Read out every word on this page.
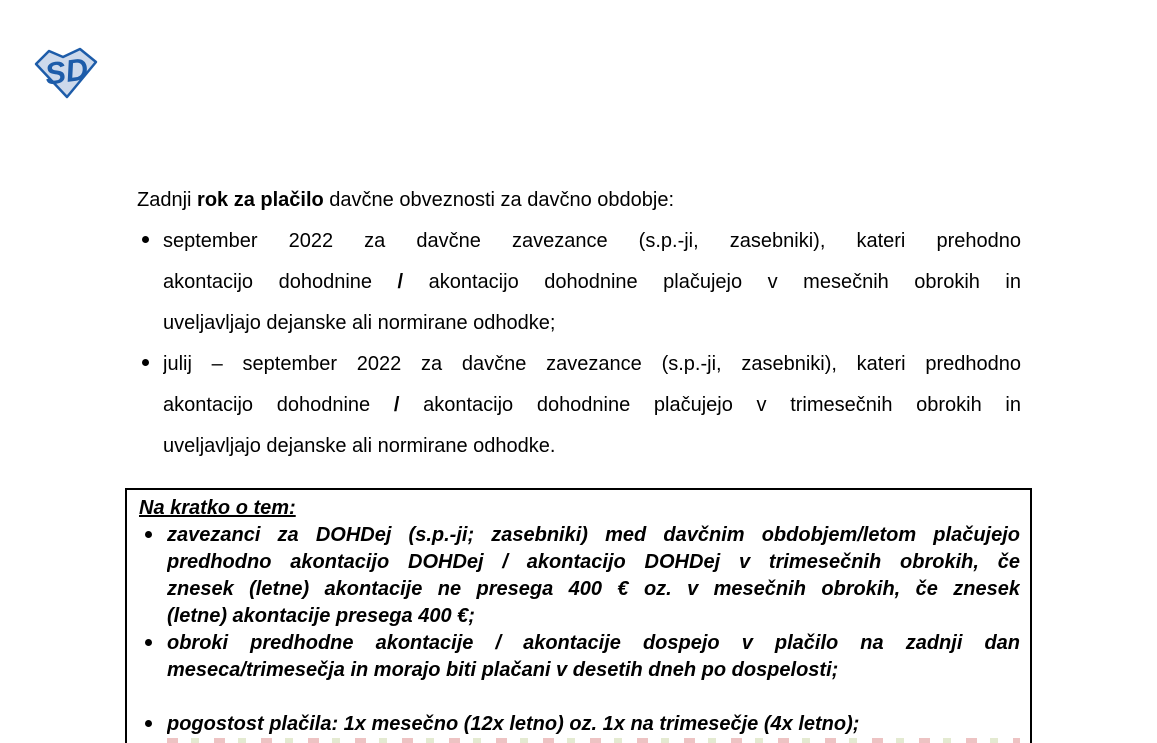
SD
Zadnji rok za plačilo davčne obveznosti za davčno obdobje:
september 2022 za davčne zavezance (s.p.-ji, zasebniki), kateri prehodno
akontacijo dohodnine / akontacijo dohodnine plačujejo v mesečnih obrokih in
uveljavljajo dejanske ali normirane odhodke;
julij – september 2022 za davčne zavezance (s.p.-ji, zasebniki), kateri predhodno
akontacijo dohodnine / akontacijo dohodnine plačujejo v trimesečnih obrokih in
uveljavljajo dejanske ali normirane odhodke.
Na kratko o tem:
zavezanci za DOHDej (s.p.-ji; zasebniki) med davčnim obdobjem/letom plačujejo
predhodno akontacijo DOHDej / akontacijo DOHDej v trimesečnih obrokih, če
znesek (letne) akontacije ne presega 400 € oz. v mesečnih obrokih, če znesek
(letne) akontacije presega 400 €;
obroki predhodne akontacije / akontacije dospejo v plačilo na zadnji dan
meseca/trimesečja in morajo biti plačani v desetih dneh po dospelosti;
pogostost plačila: 1x mesečno (12x letno) oz. 1x na trimesečje (4x letno);
